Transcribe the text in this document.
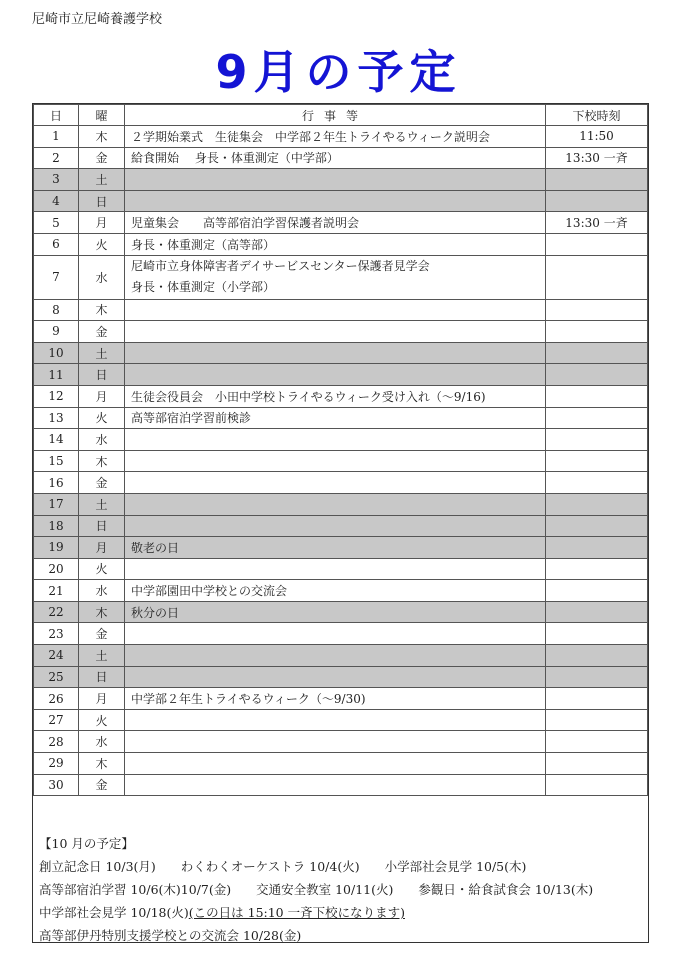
尼崎市立尼崎養護学校
9月の予定
日	曜	行事等	下校時刻
1	木	２学期始業式　生徒集会　中学部２年生トライやるウィーク説明会	11:50
2	金	給食開始　 身長・体重測定（中学部）	13:30 一斉
3	土		
4	日		
5	月	児童集会　　高等部宿泊学習保護者説明会	13:30 一斉
6	火	身長・体重測定（高等部）	
7	水	尼崎市立身体障害者デイサービスセンター保護者見学会
身長・体重測定（小学部）	

8	木		
9	金		
10	土		
11	日		
12	月	生徒会役員会　小田中学校トライやるウィーク受け入れ（～9/16)	
13	火	高等部宿泊学習前検診	
14	水		
15	木		
16	金		
17	土		
18	日		
19	月	敬老の日	
20	火		
21	水	中学部園田中学校との交流会	
22	木	秋分の日	
23	金		
24	土		
25	日		
26	月	中学部２年生トライやるウィーク（～9/30)	
27	火		
28	水		
29	木		
30	金		
【10 月の予定】
創立記念日 10/3(月)　　わくわくオーケストラ 10/4(火)　　小学部社会見学 10/5(木)
高等部宿泊学習 10/6(木)10/7(金)　　交通安全教室 10/11(火)　　参観日・給食試食会 10/13(木)
中学部社会見学 10/18(火)(この日は 15:10 一斉下校になります)
高等部伊丹特別支援学校との交流会 10/28(金)
